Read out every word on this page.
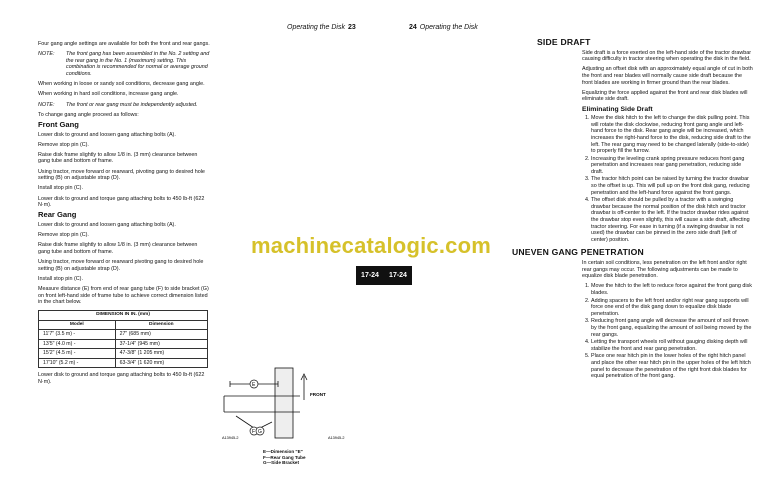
Operating the Disk 23

Four gang angle settings are available for both the front and rear gangs.

NOTE: The front gang has been assembled in the No. 2 setting and the rear gang in the No. 1 (maximum) setting. This combination is recommended for normal or average ground conditions.

When working in loose or sandy soil conditions, decrease gang angle.

When working in hard soil conditions, increase gang angle.

NOTE: The front or rear gang must be independently adjusted.

To change gang angle proceed as follows:

Front Gang

Lower disk to ground and loosen gang attaching bolts (A).

Remove stop pin (C).

Raise disk frame slightly to allow 1/8 in. (3 mm) clearance between gang tube and bottom of frame.

Using tractor, move forward or rearward, pivoting gang to desired hole setting (B) on adjustable strap (D).

Install stop pin (C).

Lower disk to ground and torque gang attaching bolts to 450 lb-ft (622 N·m).

Rear Gang

Lower disk to ground and loosen gang attaching bolts (A).

Remove stop pin (C).

Raise disk frame slightly to allow 1/8 in. (3 mm) clearance between gang tube and bottom of frame.

Using tractor, move forward or rearward pivoting gang to desired hole setting (B) on adjustable strap (D).

Install stop pin (C).

Measure distance (E) from end of rear gang tube (F) to side bracket (G) on front left-hand side of frame tube to achieve correct dimension listed in the chart below.

DIMENSION IN IN. (mm)	
Model	Dimension
11'7" (3.5 m) -	27" (685 mm)
13'5" (4.0 m) -	37-1/4" (945 mm)
15'2" (4.5 m) -	47-3/8" (1 205 mm)
17'10" (5.2 m) -	63-3/4" (1 620 mm)

Lower disk to ground and torque gang attaching bolts to 450 lb-ft (622 N·m).	E
F G
FRONT
A13945-2	A13945-2
E—Dimension "E"
F—Rear Gang Tube
G—Side Bracket
17-24
24 Operating the Disk
17-24
SIDE DRAFT

Side draft is a force exerted on the left-hand side of the tractor drawbar causing difficulty in tractor steering when operating the disk in the field.

Adjusting an offset disk with an approximately equal angle of cut in both the front and rear blades will normally cause side draft because the front blades are working in firmer ground than the rear blades.

Equalizing the force applied against the front and rear disk blades will eliminate side draft.

Eliminating Side Draft
1. Move the disk hitch to the left to change the disk pulling point. This will rotate the disk clockwise, reducing front gang angle and left-hand force to the disk. Rear gang angle will be increased, which increases the right-hand force to the disk, reducing side draft to the left. The rear gang may need to be changed laterally (side-to-side) to properly fill the furrow.
2. Increasing the leveling crank spring pressure reduces front gang penetration and increases rear gang penetration, reducing side draft.
3. The tractor hitch point can be raised by turning the tractor drawbar so the offset is up. This will pull up on the front disk gang, reducing penetration and the left-hand force against the front gangs.
4. The offset disk should be pulled by a tractor with a swinging drawbar because the normal position of the disk hitch and tractor drawbar is off-center to the left. If the tractor drawbar rides against the drawbar stop even slightly, this will cause a side draft, affecting tractor steering. For ease in turning (if a swinging drawbar is not used) the drawbar can be pinned in the zero side draft (left of center) position.
UNEVEN GANG PENETRATION

In certain soil conditions, less penetration on the left front and/or right rear gangs may occur. The following adjustments can be made to equalize disk blade penetration.

1. Move the hitch to the left to reduce force against the front gang disk blades.
2. Adding spacers to the left front and/or right rear gang supports will force one end of the disk gang down to equalize disk blade penetration.
3. Reducing front gang angle will decrease the amount of soil thrown by the front gang, equalizing the amount of soil being moved by the rear gangs.
4. Letting the transport wheels roll without gauging disking depth will stabilize the front and rear gang penetration.
5. Place one rear hitch pin in the lower holes of the right hitch panel and place the other rear hitch pin in the upper holes of the left hitch panel to decrease the penetration of the right front disk blades for equal penetration of the front gang.
machinecatalogic.com
